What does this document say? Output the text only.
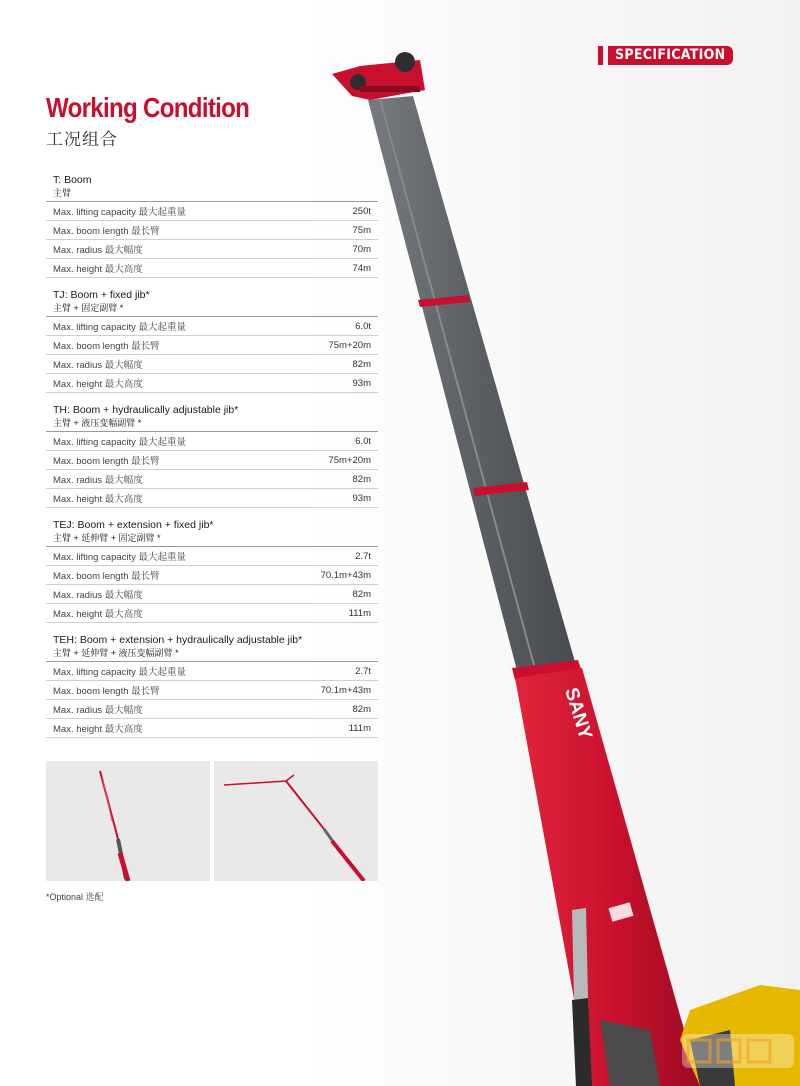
SANY
SPECIFICATION
Working Condition
工况组合
T: Boom
主臂
Max. lifting capacity 最大起重量	250t
Max. boom length 最长臂	75m
Max. radius 最大幅度	70m
Max. height 最大高度	74m
TJ: Boom + fixed jib*
主臂 + 固定副臂 *
Max. lifting capacity 最大起重量	6.0t
Max. boom length 最长臂	75m+20m
Max. radius 最大幅度	82m
Max. height 最大高度	93m
TH: Boom + hydraulically adjustable jib*
主臂 + 液压变幅副臂 *
Max. lifting capacity 最大起重量	6.0t
Max. boom length 最长臂	75m+20m
Max. radius 最大幅度	82m
Max. height 最大高度	93m
TEJ: Boom + extension + fixed jib*
主臂 + 延伸臂 + 固定副臂 *
Max. lifting capacity 最大起重量	2.7t
Max. boom length 最长臂	70.1m+43m
Max. radius 最大幅度	82m
Max. height 最大高度	111m
TEH: Boom + extension + hydraulically adjustable jib*
主臂 + 延伸臂 + 液压变幅副臂 *
Max. lifting capacity 最大起重量	2.7t
Max. boom length 最长臂	70.1m+43m
Max. radius 最大幅度	82m
Max. height 最大高度	111m
*Optional 选配
